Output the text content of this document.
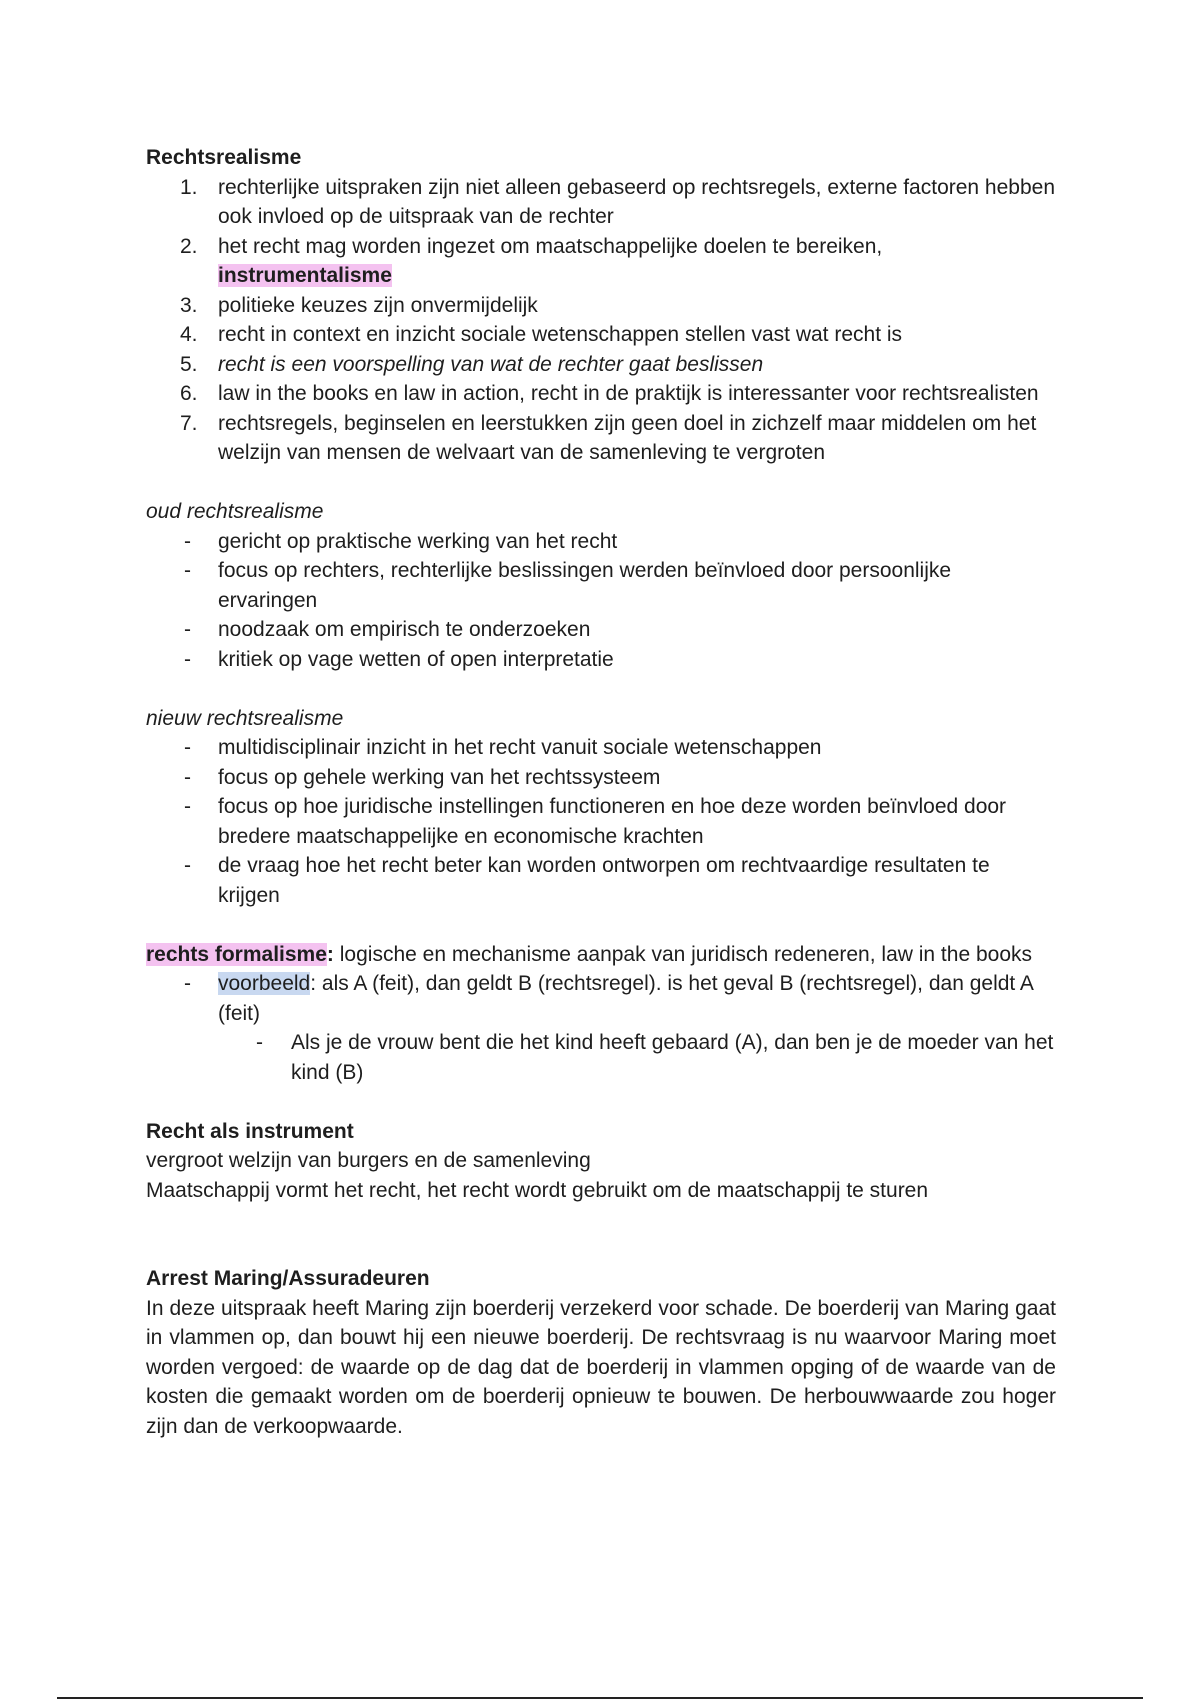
Rechtsrealisme

1. rechterlijke uitspraken zijn niet alleen gebaseerd op rechtsregels, externe factoren hebben ook invloed op de uitspraak van de rechter
2. het recht mag worden ingezet om maatschappelijke doelen te bereiken,
instrumentalisme
3. politieke keuzes zijn onvermijdelijk
4. recht in context en inzicht sociale wetenschappen stellen vast wat recht is
5. recht is een voorspelling van wat de rechter gaat beslissen
6. law in the books en law in action, recht in de praktijk is interessanter voor rechtsrealisten
7. rechtsregels, beginselen en leerstukken zijn geen doel in zichzelf maar middelen om het welzijn van mensen de welvaart van de samenleving te vergroten

oud rechtsrealisme

-	gericht op praktische werking van het recht
-	focus op rechters, rechterlijke beslissingen werden beïnvloed door persoonlijke ervaringen
-	noodzaak om empirisch te onderzoeken
-	kritiek op vage wetten of open interpretatie

nieuw rechtsrealisme

-	multidisciplinair inzicht in het recht vanuit sociale wetenschappen
-	focus op gehele werking van het rechtssysteem
-	focus op hoe juridische instellingen functioneren en hoe deze worden beïnvloed door bredere maatschappelijke en economische krachten
-	de vraag hoe het recht beter kan worden ontworpen om rechtvaardige resultaten te krijgen

rechts formalisme: logische en mechanisme aanpak van juridisch redeneren, law in the books

-	voorbeeld: als A (feit), dan geldt B (rechtsregel). is het geval B (rechtsregel), dan geldt A (feit)
-	Als je de vrouw bent die het kind heeft gebaard (A), dan ben je de moeder van het kind (B)

Recht als instrument

vergroot welzijn van burgers en de samenleving

Maatschappij vormt het recht, het recht wordt gebruikt om de maatschappij te sturen

Arrest Maring/Assuradeuren

In deze uitspraak heeft Maring zijn boerderij verzekerd voor schade. De boerderij van Maring gaat in vlammen op, dan bouwt hij een nieuwe boerderij. De rechtsvraag is nu waarvoor Maring moet worden vergoed: de waarde op de dag dat de boerderij in vlammen opging of de waarde van de kosten die gemaakt worden om de boerderij opnieuw te bouwen. De herbouwwaarde zou hoger zijn dan de verkoopwaarde.
